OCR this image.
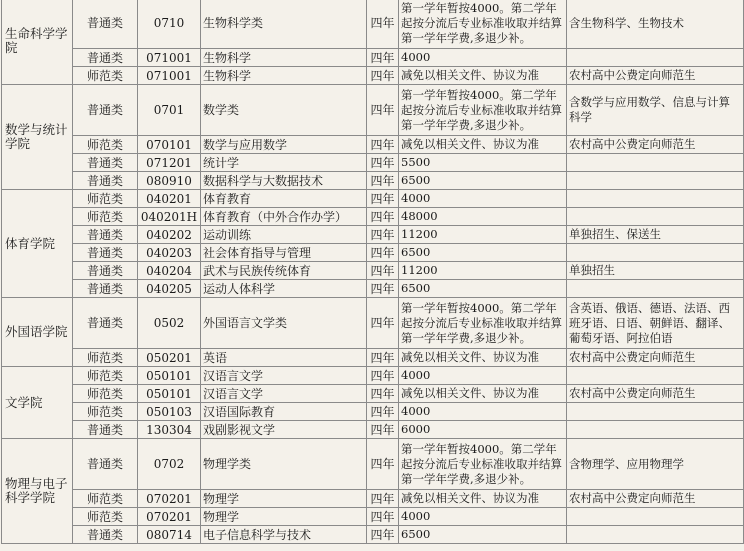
生命科学学院	普通类	0710	生物科学类	四年	第一学年暂按4000。第二学年起按分流后专业标准收取并结算第一学年学费,多退少补。	含生物科学、生物技术
	普通类	071001	生物科学	四年	4000	
	师范类	071001	生物科学	四年	减免以相关文件、协议为准	农村高中公费定向师范生
数学与统计学院	普通类	0701	数学类	四年	第一学年暂按4000。第二学年起按分流后专业标准收取并结算第一学年学费,多退少补。	含数学与应用数学、信息与计算科学
	师范类	070101	数学与应用数学	四年	减免以相关文件、协议为准	农村高中公费定向师范生
	普通类	071201	统计学	四年	5500	
	普通类	080910	数据科学与大数据技术	四年	6500	
体育学院	师范类	040201	体育教育	四年	4000	
	师范类	040201H	体育教育（中外合作办学）	四年	48000	
	普通类	040202	运动训练	四年	11200	单独招生、保送生
	普通类	040203	社会体育指导与管理	四年	6500	
	普通类	040204	武术与民族传统体育	四年	11200	单独招生
	普通类	040205	运动人体科学	四年	6500	
外国语学院	普通类	0502	外国语言文学类	四年	第一学年暂按4000。第二学年起按分流后专业标准收取并结算第一学年学费,多退少补。	含英语、俄语、德语、法语、西班牙语、日语、朝鲜语、翻译、葡萄牙语、阿拉伯语
	师范类	050201	英语	四年	减免以相关文件、协议为准	农村高中公费定向师范生
文学院	师范类	050101	汉语言文学	四年	4000	
	师范类	050101	汉语言文学	四年	减免以相关文件、协议为准	农村高中公费定向师范生
	师范类	050103	汉语国际教育	四年	4000	
	普通类	130304	戏剧影视文学	四年	6000	
物理与电子科学学院	普通类	0702	物理学类	四年	第一学年暂按4000。第二学年起按分流后专业标准收取并结算第一学年学费,多退少补。	含物理学、应用物理学
	师范类	070201	物理学	四年	减免以相关文件、协议为准	农村高中公费定向师范生
	师范类	070201	物理学	四年	4000	
	普通类	080714	电子信息科学与技术	四年	6500	
